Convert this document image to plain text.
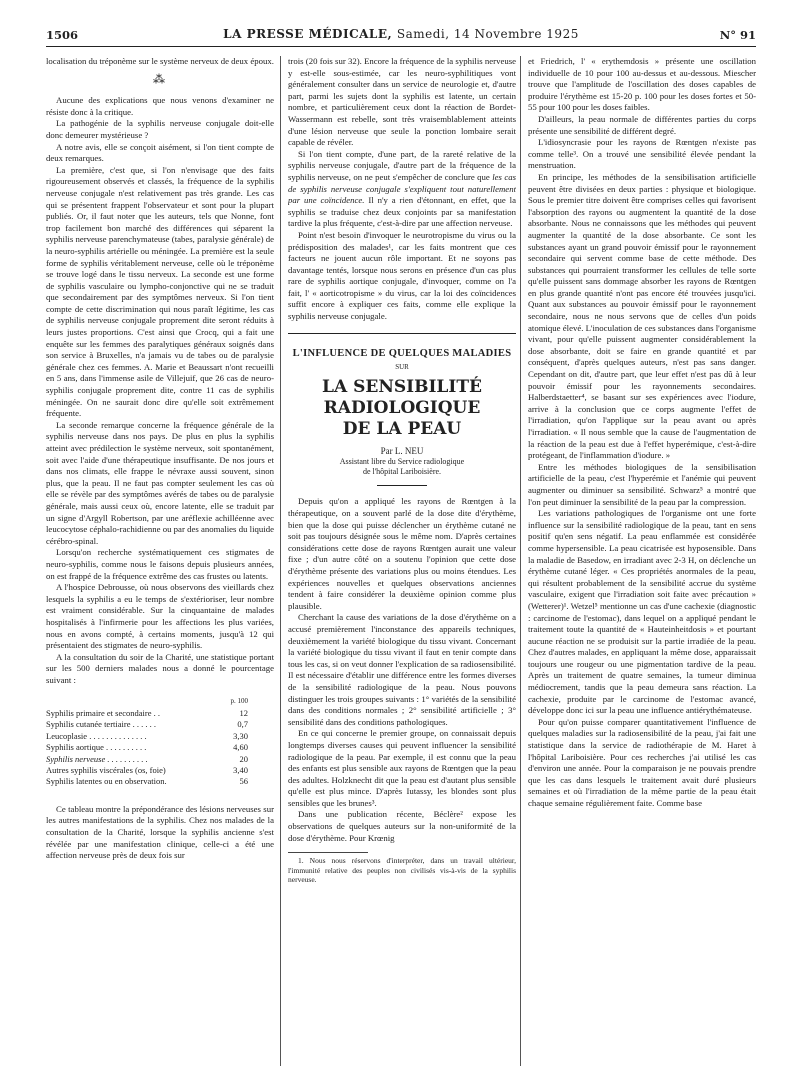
1506	LA PRESSE MÉDICALE, Samedi, 14 Novembre 1925	N° 91

localisation du tréponème sur le système nerveux de deux époux.

⁂

Aucune des explications que nous venons d'examiner ne résiste donc à la critique.

La pathogénie de la syphilis nerveuse conjugale doit-elle donc demeurer mystérieuse ?

A notre avis, elle se conçoit aisément, si l'on tient compte de deux remarques.

La première, c'est que, si l'on n'envisage que des faits rigoureusement observés et classés, la fréquence de la syphilis nerveuse conjugale n'est relativement pas très grande. Les cas qui se présentent frappent l'observateur et sont pour la plupart publiés. Or, il faut noter que les auteurs, tels que Nonne, font trop facilement bon marché des différences qui séparent la syphilis nerveuse parenchymateuse (tabes, paralysie générale) de la neuro-syphilis artérielle ou méningée. La première est la seule forme de syphilis véritablement nerveuse, celle où le tréponème se trouve logé dans le tissu nerveux. La seconde est une forme de syphilis vasculaire ou lympho-conjonctive qui ne se traduit que secondairement par des symptômes nerveux. Si l'on tient compte de cette discrimination qui nous paraît légitime, les cas de syphilis nerveuse conjugale proprement dite seront réduits à leurs justes proportions. C'est ainsi que Crocq, qui a fait une enquête sur les femmes des paralytiques généraux soignés dans son service à Bruxelles, n'a jamais vu de tabes ou de paralysie générale chez ces femmes. A. Marie et Beaussart n'ont recueilli en 5 ans, dans l'immense asile de Villejuif, que 26 cas de neuro-syphilis conjugale proprement dite, contre 11 cas de syphilis méningée. On ne saurait donc dire qu'elle soit extrêmement fréquente.

La seconde remarque concerne la fréquence générale de la syphilis nerveuse dans nos pays. De plus en plus la syphilis atteint avec prédilection le système nerveux, soit spontanément, soit avec l'aide d'une thérapeutique insuffisante. De nos jours et dans nos climats, elle frappe le névraxe aussi souvent, sinon plus, que la peau. Il ne faut pas compter seulement les cas où elle se révèle par des symptômes avérés de tabes ou de paralysie générale, mais aussi ceux où, encore latente, elle se traduit par un signe d'Argyll Robertson, par une aréflexie achilléenne avec leucocytose céphalo-rachidienne ou par des anomalies du liquide cérébro-spinal.

Lorsqu'on recherche systématiquement ces stigmates de neuro-syphilis, comme nous le faisons depuis plusieurs années, on est frappé de la fréquence extrême des cas frustes ou latents.

A l'hospice Debrousse, où nous observons des vieillards chez lesquels la syphilis a eu le temps de s'extérioriser, leur nombre est vraiment considérable. Sur la cinquantaine de malades hospitalisés à l'infirmerie pour les affections les plus variées, nous en avons compté, à certains moments, jusqu'à 12 qui présentaient des stigmates de neuro-syphilis.

A la consultation du soir de la Charité, une statistique portant sur les 500 derniers malades nous a donné le pourcentage suivant :

	p. 100
Syphilis primaire et secondaire . .	12
Syphilis cutanée tertiaire . . . . . .	0,7
Leucoplasie . . . . . . . . . . . . . .	3,30
Syphilis aortique . . . . . . . . . .	4,60
Syphilis nerveuse . . . . . . . . . .	20
Autres syphilis viscérales (os, foie)	3,40
Syphilis latentes ou en observation.	56

Ce tableau montre la prépondérance des lésions nerveuses sur les autres manifestations de la syphilis. Chez nos malades de la consultation de la Charité, lorsque la syphilis ancienne s'est révélée par une manifestation clinique, celle-ci a été une affection nerveuse près de deux fois sur

trois (20 fois sur 32). Encore la fréquence de la syphilis nerveuse y est-elle sous-estimée, car les neuro-syphilitiques vont généralement consulter dans un service de neurologie et, d'autre part, parmi les sujets dont la syphilis est latente, un certain nombre, et particulièrement ceux dont la réaction de Bordet-Wassermann est rebelle, sont très vraisemblablement atteints d'une lésion nerveuse que seule la ponction lombaire serait capable de révéler.

Si l'on tient compte, d'une part, de la rareté relative de la syphilis nerveuse conjugale, d'autre part de la fréquence de la syphilis nerveuse, on ne peut s'empêcher de conclure que les cas de syphilis nerveuse conjugale s'expliquent tout naturellement par une coïncidence. Il n'y a rien d'étonnant, en effet, que la syphilis se traduise chez deux conjoints par sa manifestation tardive la plus fréquente, c'est-à-dire par une affection nerveuse.

Point n'est besoin d'invoquer le neurotropisme du virus ou la prédisposition des malades¹, car les faits montrent que ces facteurs ne jouent aucun rôle important. Et ne soyons pas davantage tentés, lorsque nous serons en présence d'un cas plus rare de syphilis aortique conjugale, d'invoquer, comme on l'a fait, l' « aorticotropisme » du virus, car la loi des coïncidences suffit encore à expliquer ces faits, comme elle explique la syphilis nerveuse conjugale.

L'INFLUENCE DE QUELQUES MALADIES
SUR
LA SENSIBILITÉ RADIOLOGIQUE
DE LA PEAU
Par L. NEU
Assistant libre du Service radiologique
de l'hôpital Lariboisière.

Depuis qu'on a appliqué les rayons de Rœntgen à la thérapeutique, on a souvent parlé de la dose dite d'érythème, bien que la dose qui puisse déclencher un érythème cutané ne soit pas toujours désignée sous le même nom. D'après certaines considérations cette dose de rayons Rœntgen aurait une valeur fixe ; d'un autre côté on a soutenu l'opinion que cette dose d'érythème présente des variations plus ou moins étendues. Les expériences nouvelles et quelques observations anciennes tendent à faire considérer la deuxième opinion comme plus plausible.

Cherchant la cause des variations de la dose d'érythème on a accusé premièrement l'inconstance des appareils techniques, deuxièmement la variété biologique du tissu vivant. Concernant la variété biologique du tissu vivant il faut en tenir compte dans tous les cas, si on veut donner l'explication de sa radiosensibilité. Il est nécessaire d'établir une différence entre les formes diverses de la sensibilité radiologique de la peau. Nous pouvons distinguer les trois groupes suivants : 1° variétés de la sensibilité dans des conditions normales ; 2° sensibilité artificielle ; 3° sensibilité dans des conditions pathologiques.

En ce qui concerne le premier groupe, on connaissait depuis longtemps diverses causes qui peuvent influencer la sensibilité radiologique de la peau. Par exemple, il est connu que la peau des enfants est plus sensible aux rayons de Rœntgen que la peau des adultes. Holzknecht dit que la peau est d'autant plus sensible qu'elle est plus mince. D'après Iutassy, les blondes sont plus sensibles que les brunes³.

Dans une publication récente, Béclère² expose les observations de quelques auteurs sur la non-uniformité de la dose d'érythème. Pour Krœnig

1. Nous nous réservons d'interpréter, dans un travail ultérieur, l'immunité relative des peuples non civilisés vis-à-vis de la syphilis nerveuse.

et Friedrich, l' « erythemdosis » présente une oscillation individuelle de 10 pour 100 au-dessus et au-dessous. Miescher trouve que l'amplitude de l'oscillation des doses capables de produire l'érythème est 15-20 p. 100 pour les doses fortes et 50-55 pour 100 pour les doses faibles.

D'ailleurs, la peau normale de différentes parties du corps présente une sensibilité de différent degré.

L'idiosyncrasie pour les rayons de Rœntgen n'existe pas comme telle³. On a trouvé une sensibilité élevée pendant la menstruation.

En principe, les méthodes de la sensibilisation artificielle peuvent être divisées en deux parties : physique et biologique. Sous le premier titre doivent être comprises celles qui favorisent l'absorption des rayons ou augmentent la quantité de la dose absorbante. Nous ne connaissons que les méthodes qui peuvent augmenter la quantité de la dose absorbante. Ce sont les substances ayant un grand pouvoir émissif pour le rayonnement secondaire qui servent comme base de cette méthode. Des substances qui pourraient transformer les cellules de telle sorte qu'elle puissent sans dommage absorber les rayons de Rœntgen en plus grande quantité n'ont pas encore été trouvées jusqu'ici. Quant aux substances au pouvoir émissif pour le rayonnement secondaire, nous ne nous servons que de celles d'un poids atomique élevé. L'inoculation de ces substances dans l'organisme vivant, pour qu'elle puissent augmenter considérablement la dose absorbante, doit se faire en grande quantité et par conséquent, d'après quelques auteurs, n'est pas sans danger. Cependant on dit, d'autre part, que leur effet n'est pas dû à leur pouvoir émissif pour les rayonnements secondaires. Halberdstaetter⁴, se basant sur ses expériences avec l'iodure, arrive à la conclusion que ce corps augmente l'effet de l'irradiation, qu'on l'applique sur la peau avant ou après l'irradiation. « Il nous semble que la cause de l'augmentation de la réaction de la peau est due à l'effet hyperémique, c'est-à-dire protégeant, de l'inflammation d'iodure. »

Entre les méthodes biologiques de la sensibilisation artificielle de la peau, c'est l'hyperémie et l'anémie qui peuvent augmenter ou diminuer sa sensibilité. Schwarz⁵ a montré que l'on peut diminuer la sensibilité de la peau par la compression.

Les variations pathologiques de l'organisme ont une forte influence sur la sensibilité radiologique de la peau, tant en sens positif qu'en sens négatif. La peau enflammée est considérée comme hypersensible. La peau cicatrisée est hyposensible. Dans la maladie de Basedow, en irradiant avec 2-3 H, on déclenche un érythème cutané léger. « Ces propriétés anormales de la peau, qui résultent probablement de la sensibilité accrue du système vasculaire, exigent que l'irradiation soit faite avec précaution » (Wetterer)¹. Wetzel⁵ mentionne un cas d'une cachexie (diagnostic : carcinome de l'estomac), dans lequel on a appliqué pendant le traitement toute la quantité de « Hauteinheitdosis » et pourtant aucune réaction ne se produisit sur la partie irradiée de la peau. Chez d'autres malades, en appliquant la même dose, apparaissait toujours une rougeur ou une pigmentation tardive de la peau. Après un traitement de quatre semaines, la tumeur diminua médiocrement, tandis que la peau demeura sans réaction. La cachexie, produite par le carcinome de l'estomac avancé, développe donc ici sur la peau une influence antiérythémateuse.

Pour qu'on puisse comparer quantitativement l'influence de quelques maladies sur la radiosensibilité de la peau, j'ai fait une statistique dans la service de radiothérapie de M. Haret à l'hôpital Lariboisière. Pour ces recherches j'ai utilisé les cas d'environ une année. Pour la comparaison je ne pouvais prendre que les cas dans lesquels le traitement avait duré plusieurs semaines et où l'irradiation de la même partie de la peau était chaque semaine régulièrement faite. Comme base
